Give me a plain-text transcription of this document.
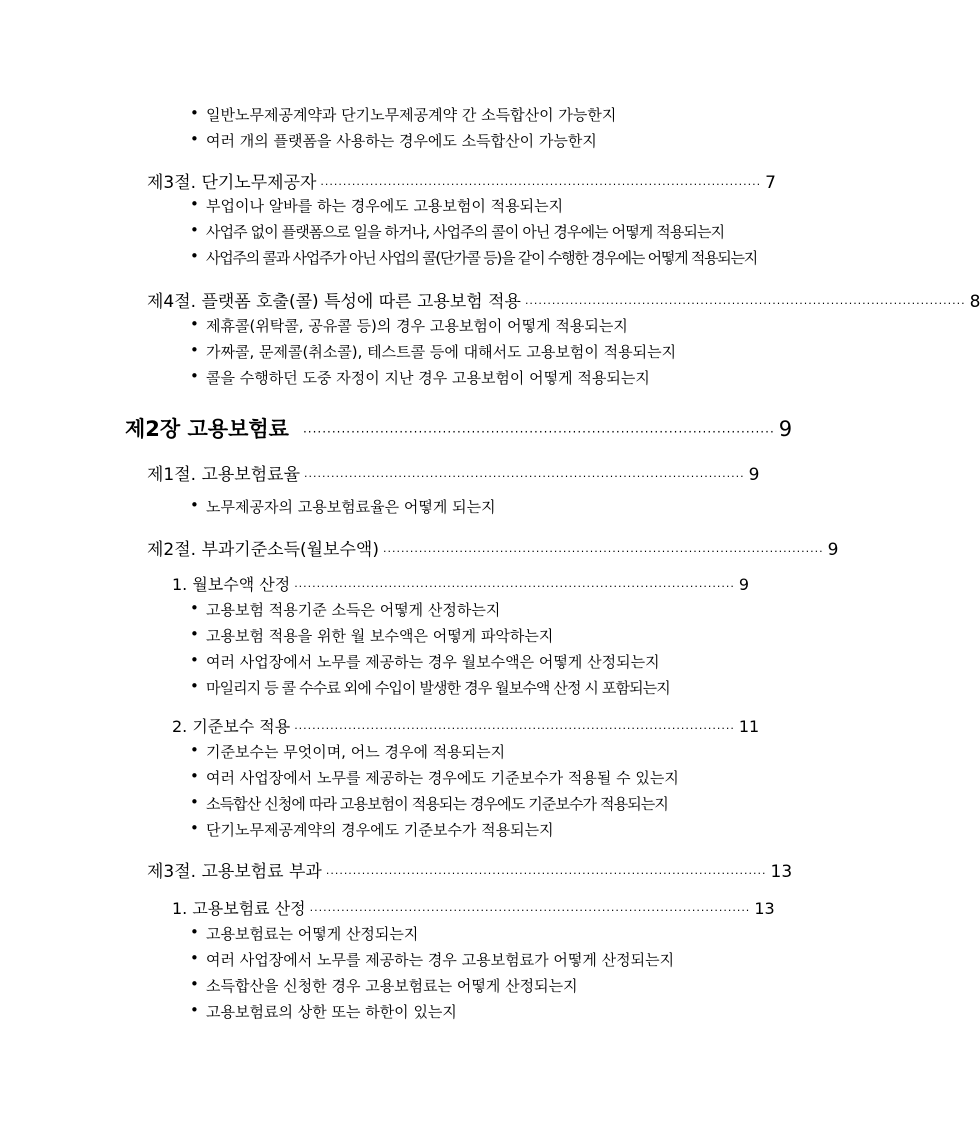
• 일반노무제공계약과 단기노무제공계약 간 소득합산이 가능한지
• 여러 개의 플랫폼을 사용하는 경우에도 소득합산이 가능한지
제3절. 단기노무제공자 ·································································································· 7
• 부업이나 알바를 하는 경우에도 고용보험이 적용되는지
• 사업주 없이 플랫폼으로 일을 하거나, 사업주의 콜이 아닌 경우에는 어떻게 적용되는지
• 사업주의 콜과 사업주가 아닌 사업의 콜(단가콜 등)을 같이 수행한 경우에는 어떻게 적용되는지
제4절. 플랫폼 호출(콜) 특성에 따른 고용보험 적용 ·································································································· 8
• 제휴콜(위탁콜, 공유콜 등)의 경우 고용보험이 어떻게 적용되는지
• 가짜콜, 문제콜(취소콜), 테스트콜 등에 대해서도 고용보험이 적용되는지
• 콜을 수행하던 도중 자정이 지난 경우 고용보험이 어떻게 적용되는지
제2장 고용보험료 ·································································································· 9
제1절. 고용보험료율 ·································································································· 9
• 노무제공자의 고용보험료율은 어떻게 되는지
제2절. 부과기준소득(월보수액) ·································································································· 9
1. 월보수액 산정 ·································································································· 9
• 고용보험 적용기준 소득은 어떻게 산정하는지
• 고용보험 적용을 위한 월 보수액은 어떻게 파악하는지
• 여러 사업장에서 노무를 제공하는 경우 월보수액은 어떻게 산정되는지
• 마일리지 등 콜 수수료 외에 수입이 발생한 경우 월보수액 산정 시 포함되는지
2. 기준보수 적용 ·································································································· 11
• 기준보수는 무엇이며, 어느 경우에 적용되는지
• 여러 사업장에서 노무를 제공하는 경우에도 기준보수가 적용될 수 있는지
• 소득합산 신청에 따라 고용보험이 적용되는 경우에도 기준보수가 적용되는지
• 단기노무제공계약의 경우에도 기준보수가 적용되는지
제3절. 고용보험료 부과 ·································································································· 13
1. 고용보험료 산정 ·································································································· 13
• 고용보험료는 어떻게 산정되는지
• 여러 사업장에서 노무를 제공하는 경우 고용보험료가 어떻게 산정되는지
• 소득합산을 신청한 경우 고용보험료는 어떻게 산정되는지
• 고용보험료의 상한 또는 하한이 있는지
